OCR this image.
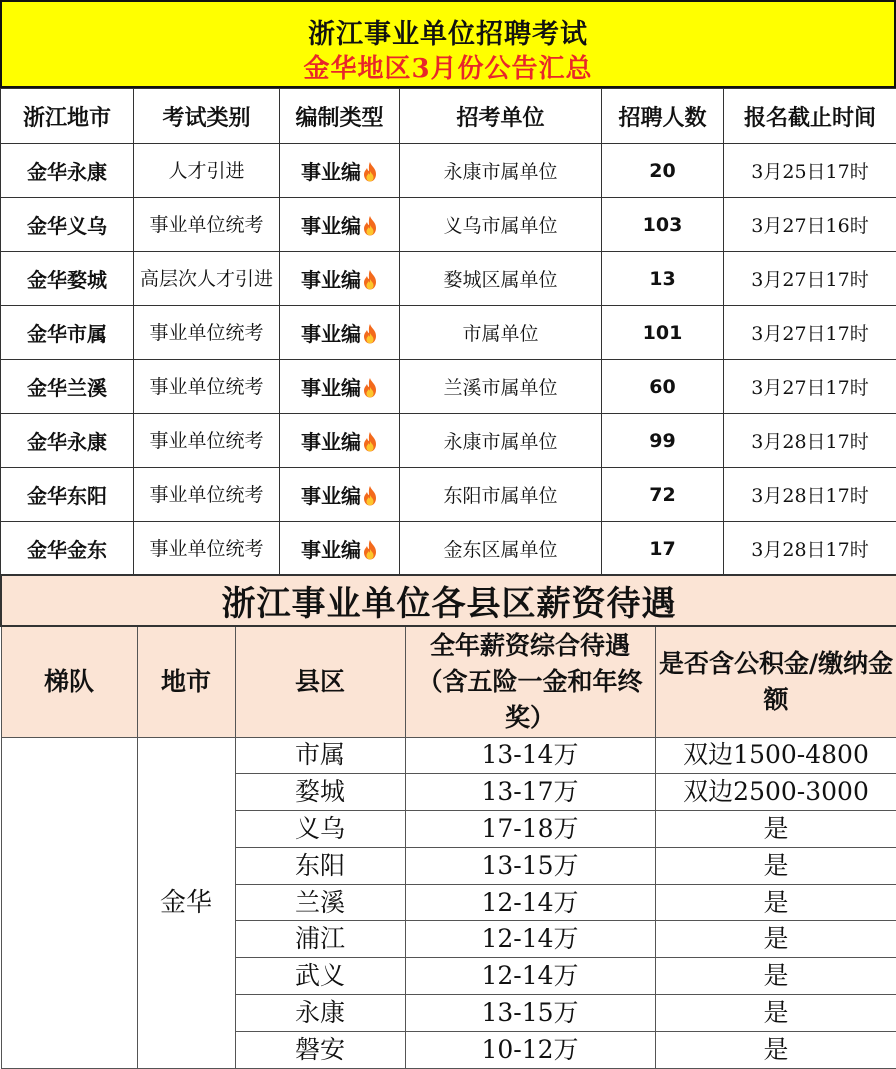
浙江事业单位招聘考试
金华地区3月份公告汇总
浙江地市	考试类别	编制类型	招考单位	招聘人数	报名截止时间
金华永康	人才引进	事业编	永康市属单位	20	3月25日17时
金华义乌	事业单位统考	事业编	义乌市属单位	103	3月27日16时
金华婺城	高层次人才引进	事业编	婺城区属单位	13	3月27日17时
金华市属	事业单位统考	事业编	市属单位	101	3月27日17时
金华兰溪	事业单位统考	事业编	兰溪市属单位	60	3月27日17时
金华永康	事业单位统考	事业编	永康市属单位	99	3月28日17时
金华东阳	事业单位统考	事业编	东阳市属单位	72	3月28日17时
金华金东	事业单位统考	事业编	金东区属单位	17	3月28日17时
浙江事业单位各县区薪资待遇				
梯队	地市	县区	全年薪资综合待遇（含五险一金和年终奖）	是否含公积金/缴纳金额
	金华	市属	13-14万	双边1500-4800
		婺城	13-17万	双边2500-3000
		义乌	17-18万	是
		东阳	13-15万	是
		兰溪	12-14万	是
		浦江	12-14万	是
		武义	12-14万	是
		永康	13-15万	是
		磐安	10-12万	是
